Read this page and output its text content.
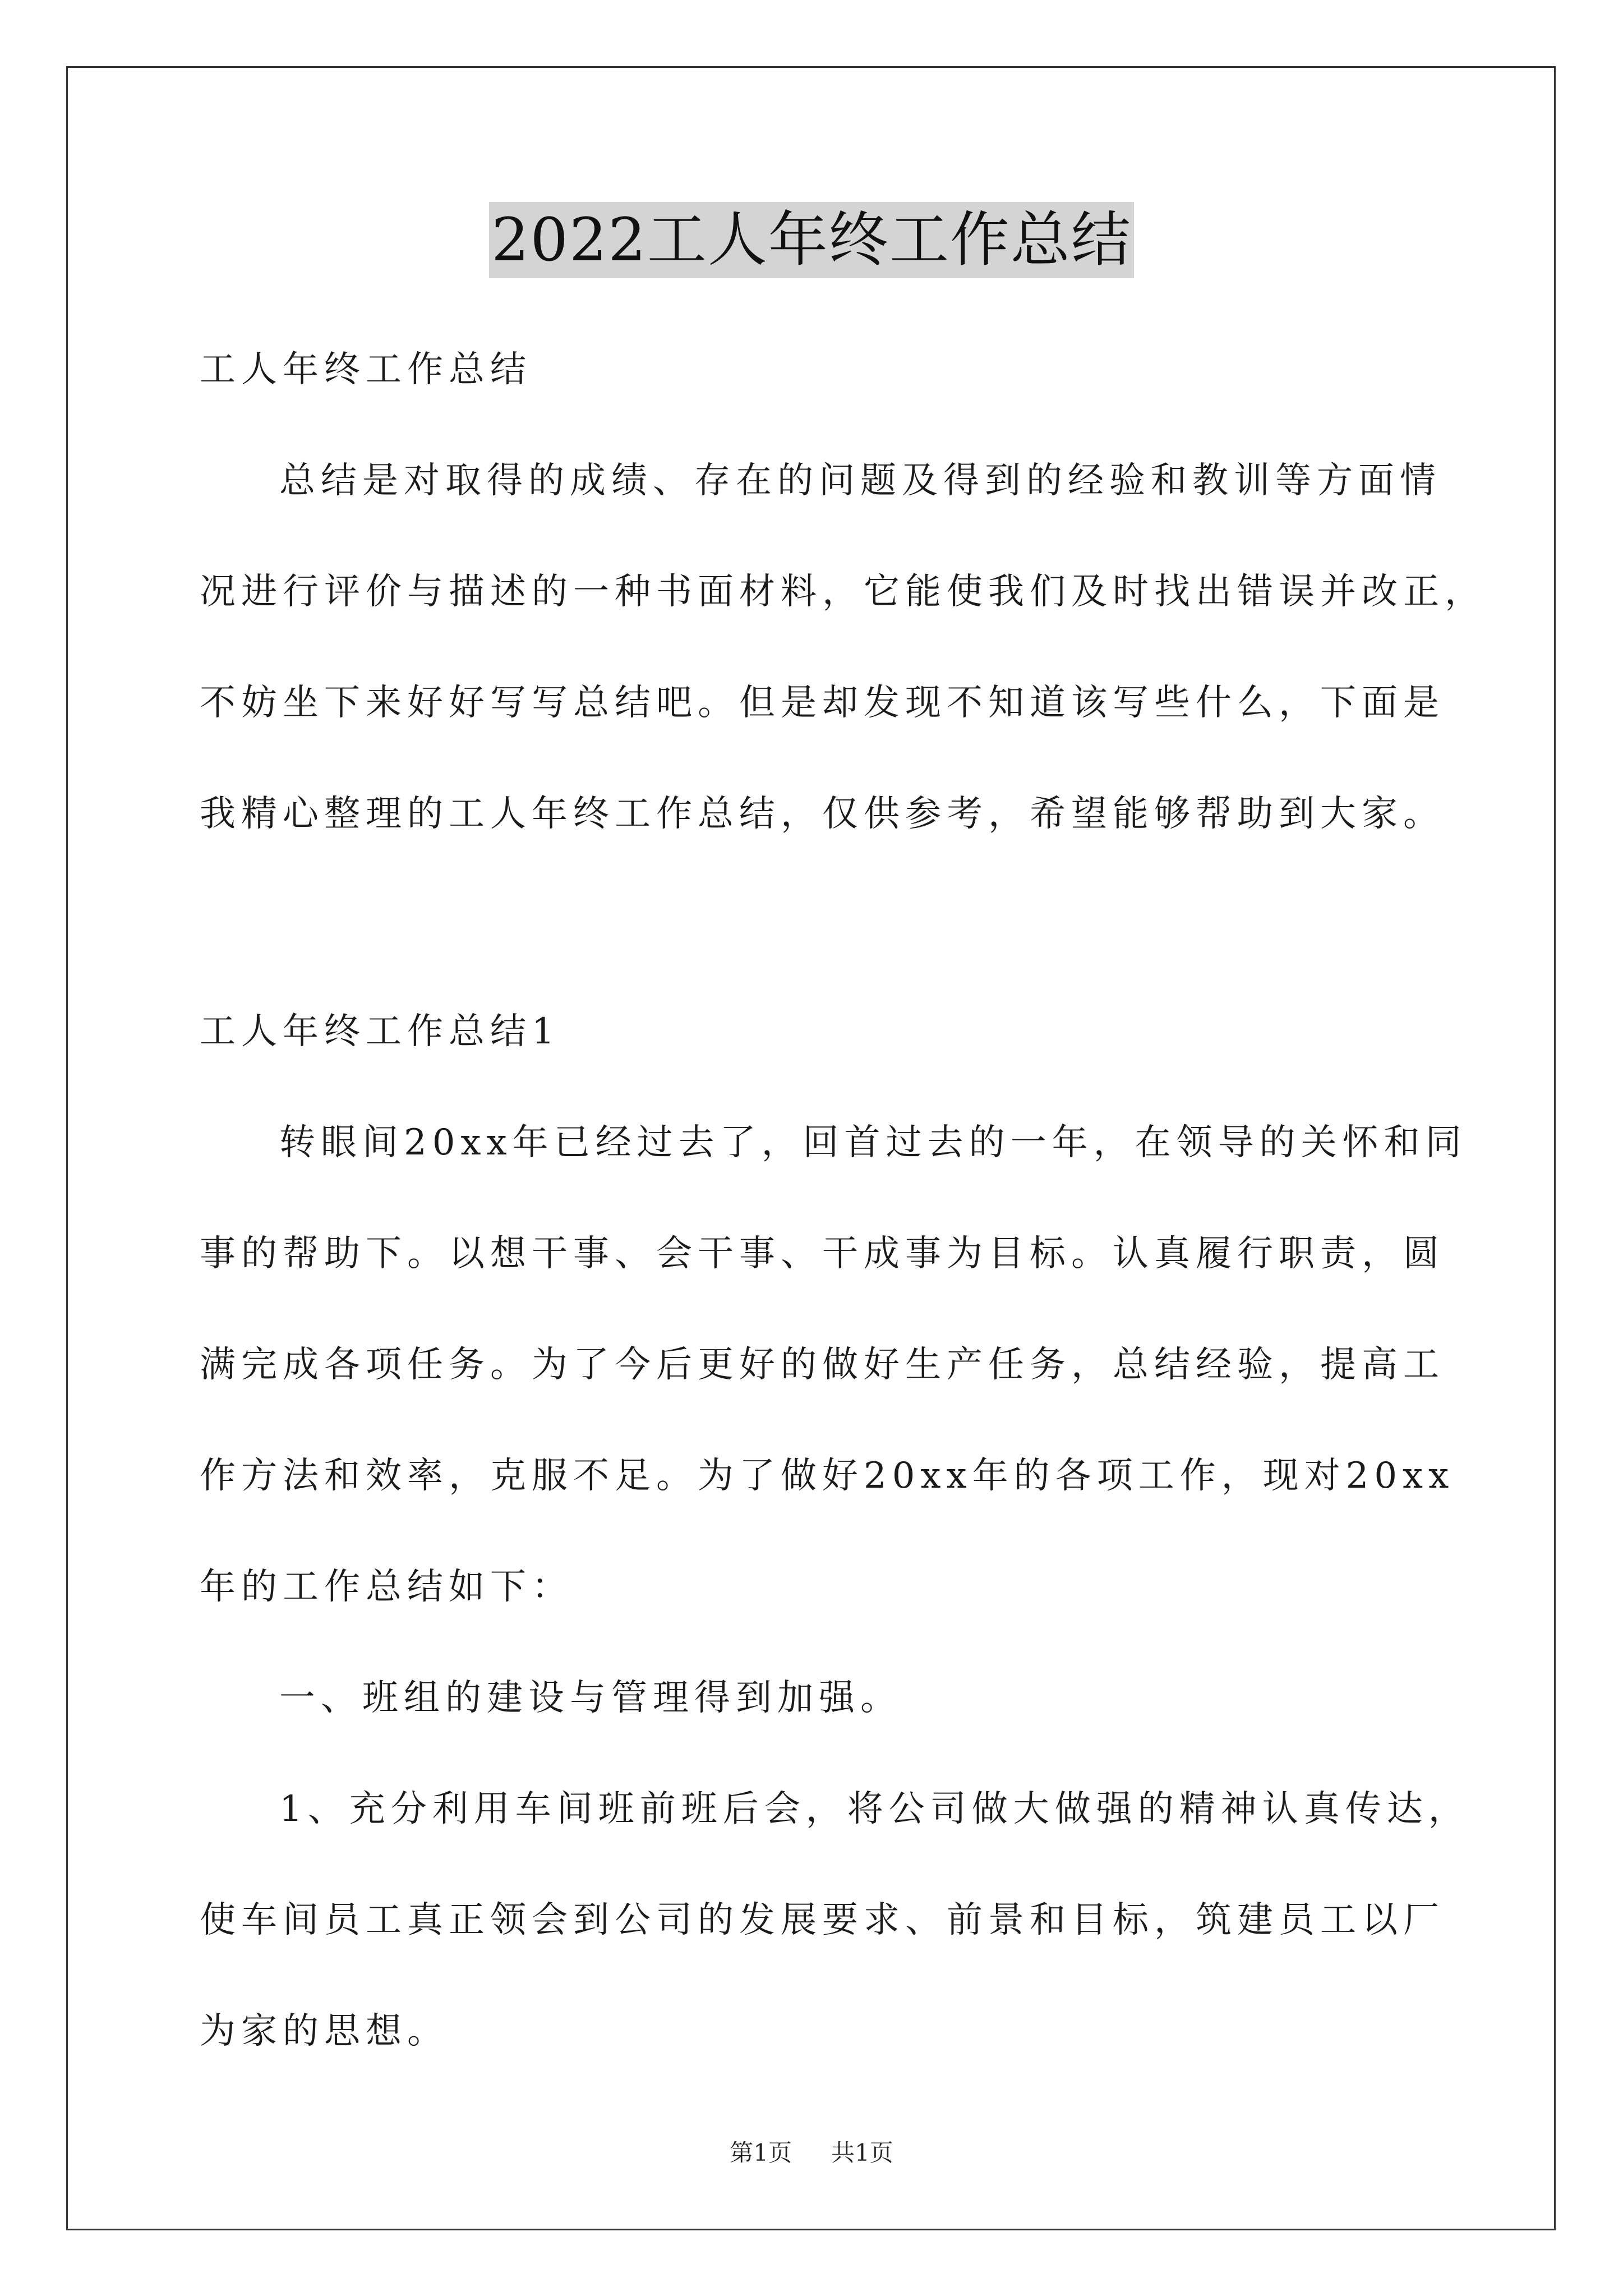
2022工人年终工作总结
工人年终工作总结
总结是对取得的成绩、存在的问题及得到的经验和教训等方面情
况进行评价与描述的一种书面材料，它能使我们及时找出错误并改正，
不妨坐下来好好写写总结吧。但是却发现不知道该写些什么，下面是
我精心整理的工人年终工作总结，仅供参考，希望能够帮助到大家。
工人年终工作总结1
转眼间20xx年已经过去了，回首过去的一年，在领导的关怀和同
事的帮助下。以想干事、会干事、干成事为目标。认真履行职责，圆
满完成各项任务。为了今后更好的做好生产任务，总结经验，提高工
作方法和效率，克服不足。为了做好20xx年的各项工作，现对20xx
年的工作总结如下：
一、班组的建设与管理得到加强。
1、充分利用车间班前班后会，将公司做大做强的精神认真传达，
使车间员工真正领会到公司的发展要求、前景和目标，筑建员工以厂
为家的思想。
第1页 共1页
